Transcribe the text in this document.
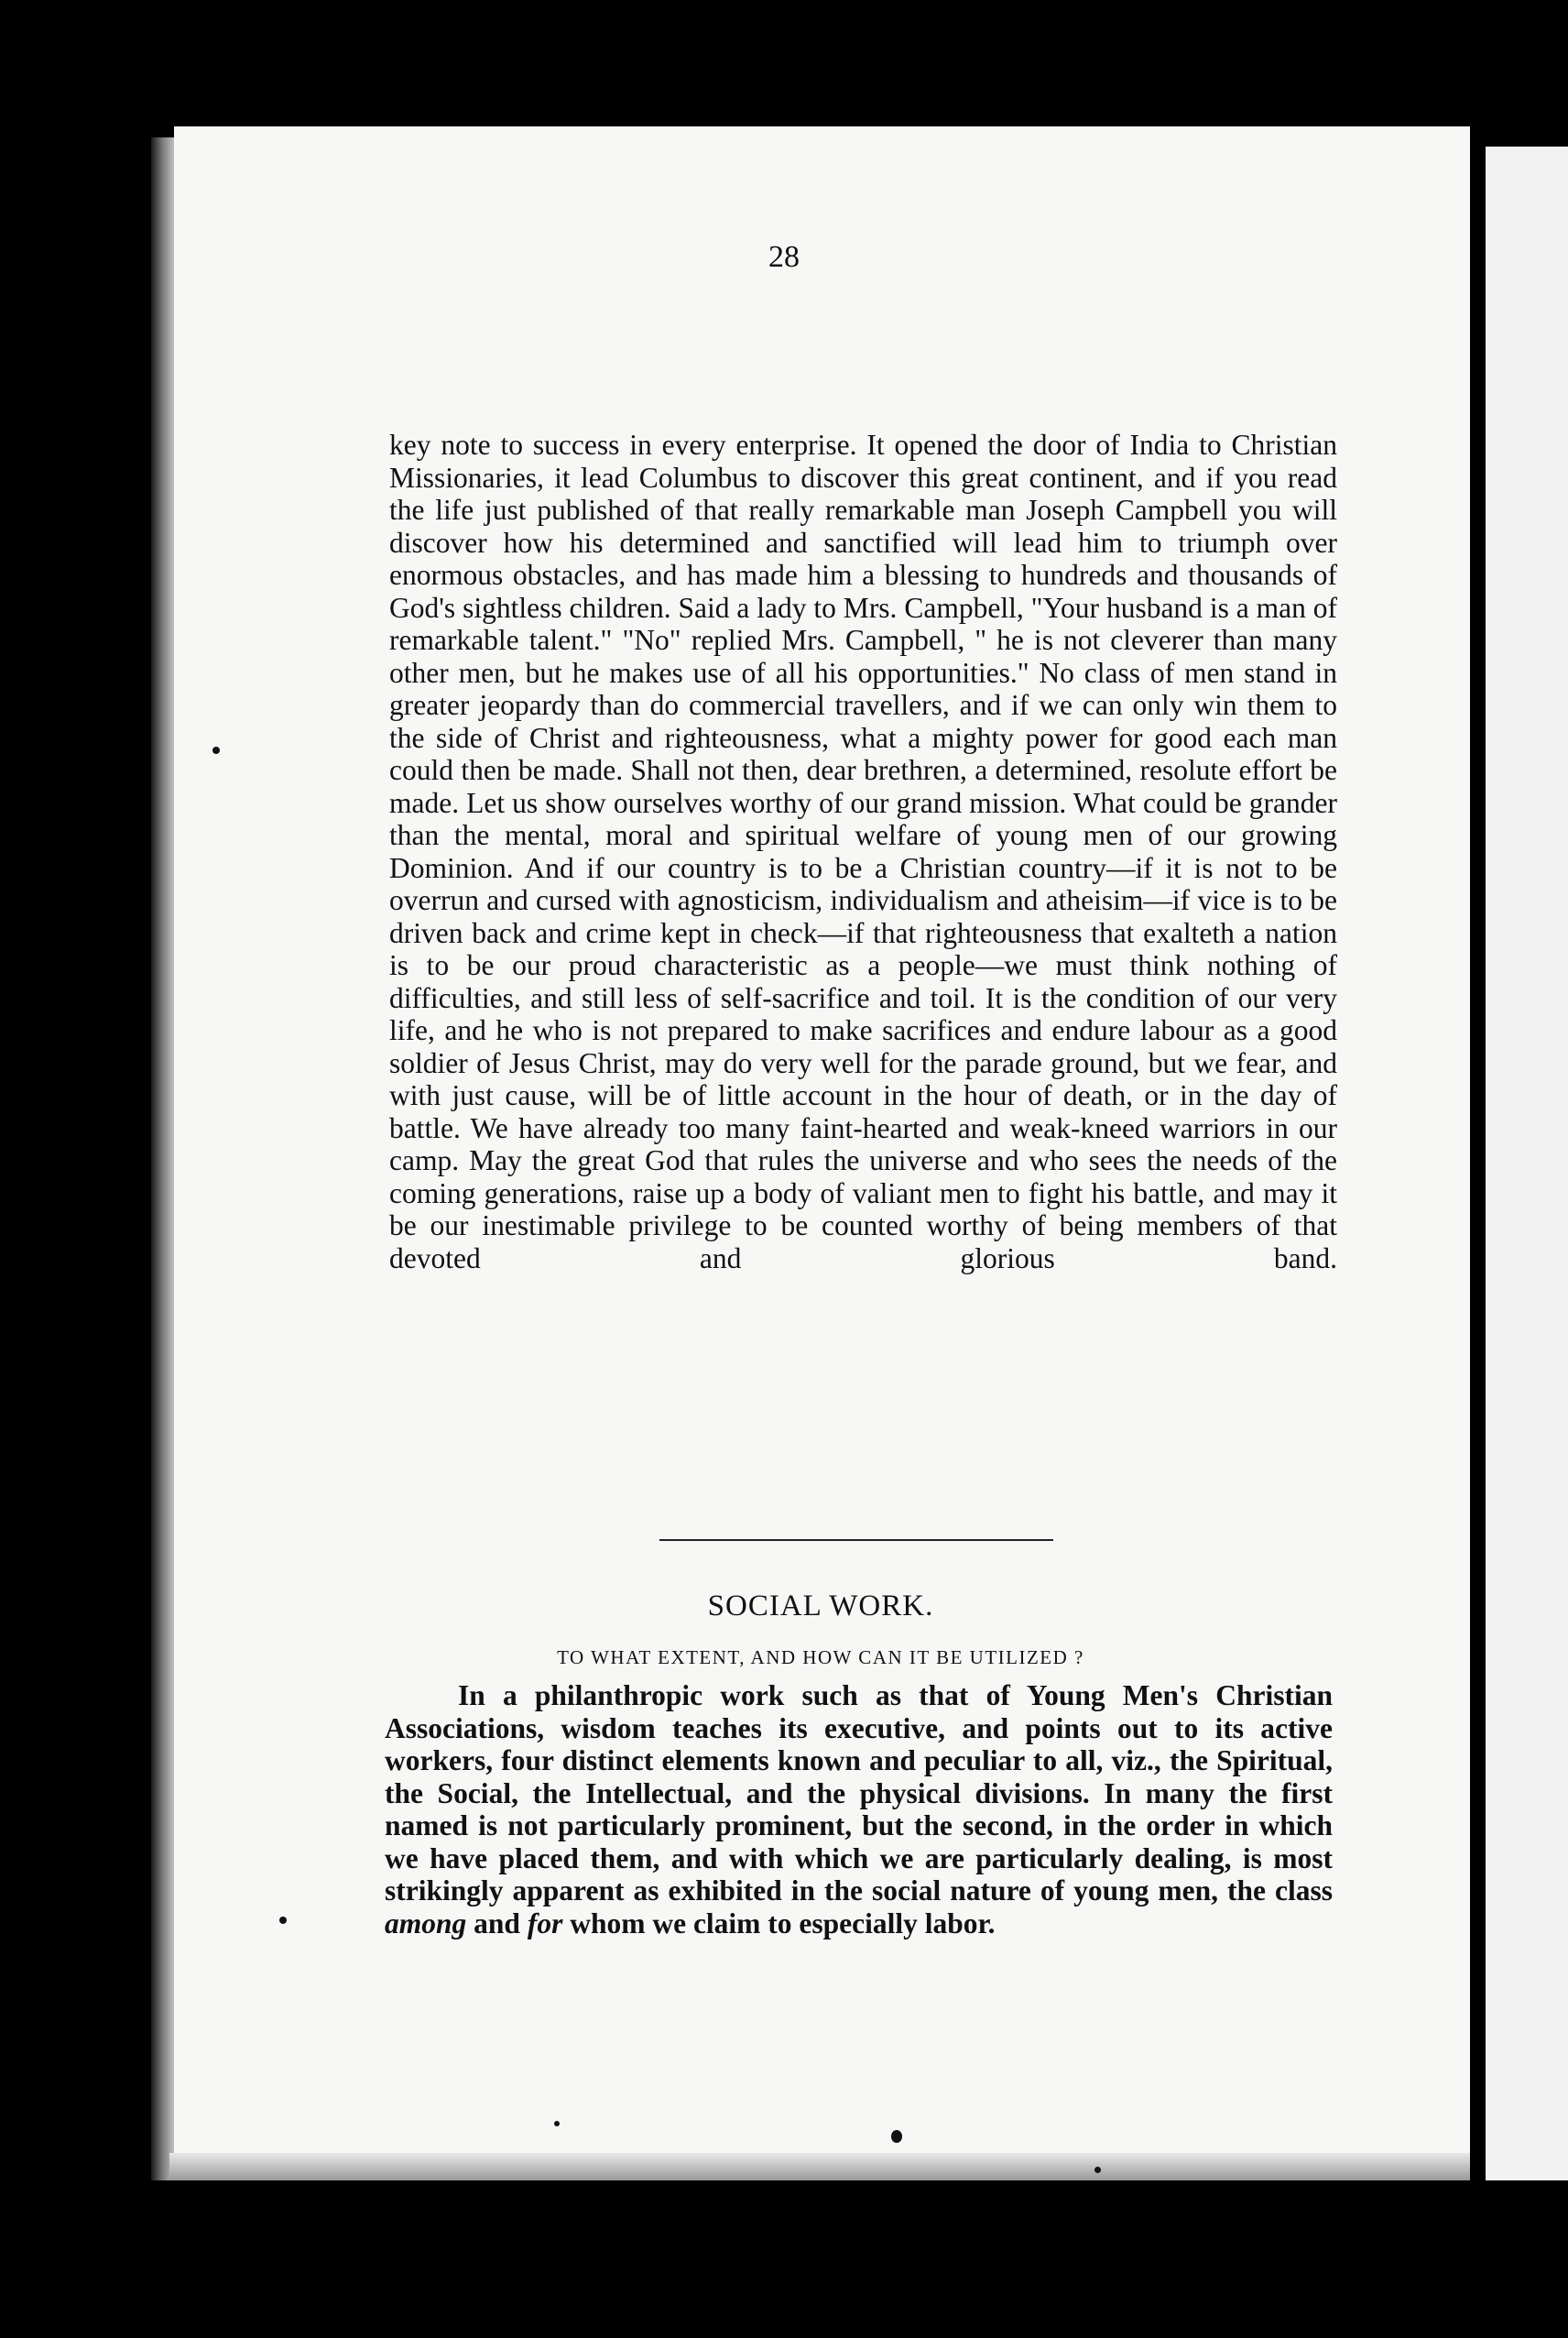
28

key note to success in every enterprise. It opened the door of India to Christian Missionaries, it lead Columbus to discover this great continent, and if you read the life just published of that really remarkable man Joseph Campbell you will discover how his determined and sanctified will lead him to triumph over enormous obstacles, and has made him a blessing to hundreds and thousands of God's sightless children. Said a lady to Mrs. Campbell, "Your husband is a man of remarkable talent." "No" replied Mrs. Campbell, " he is not cleverer than many other men, but he makes use of all his opportunities." No class of men stand in greater jeopardy than do commercial travellers, and if we can only win them to the side of Christ and righteousness, what a mighty power for good each man could then be made. Shall not then, dear brethren, a determined, resolute effort be made. Let us show ourselves worthy of our grand mission. What could be grander than the mental, moral and spiritual welfare of young men of our growing Dominion. And if our country is to be a Christian country—if it is not to be overrun and cursed with agnosticism, individualism and atheisim—if vice is to be driven back and crime kept in check—if that righteousness that exalteth a nation is to be our proud characteristic as a people—we must think nothing of difficulties, and still less of self-sacrifice and toil. It is the condition of our very life, and he who is not prepared to make sacrifices and endure labour as a good soldier of Jesus Christ, may do very well for the parade ground, but we fear, and with just cause, will be of little account in the hour of death, or in the day of battle. We have already too many faint-hearted and weak-kneed warriors in our camp. May the great God that rules the universe and who sees the needs of the coming generations, raise up a body of valiant men to fight his battle, and may it be our inestimable privilege to be counted worthy of being members of that devoted and glorious band.

SOCIAL WORK.
TO WHAT EXTENT, AND HOW CAN IT BE UTILIZED ?

In a philanthropic work such as that of Young Men's Christian Associations, wisdom teaches its executive, and points out to its active workers, four distinct elements known and peculiar to all, viz., the Spiritual, the Social, the Intellectual, and the physical divisions. In many the first named is not particularly prominent, but the second, in the order in which we have placed them, and with which we are particularly dealing, is most strikingly apparent as exhibited in the social nature of young men, the class among and for whom we claim to especially labor.
